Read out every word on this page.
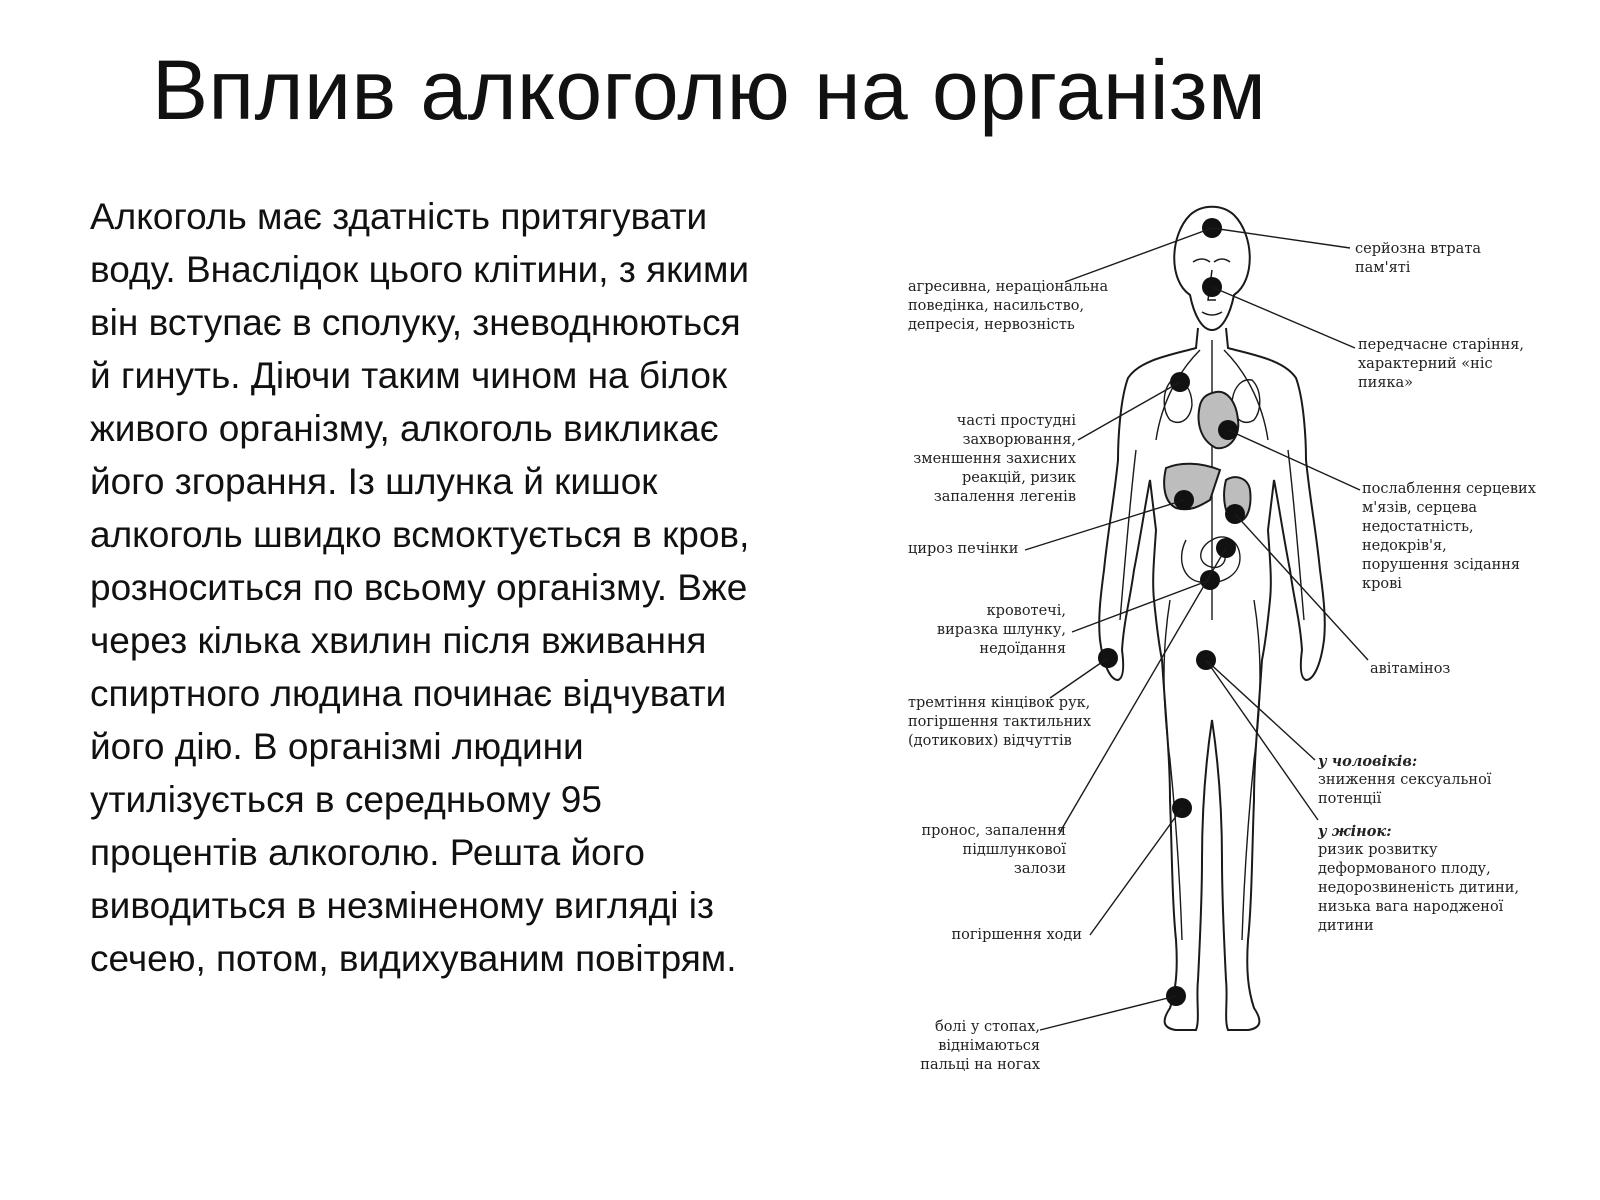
Вплив алкоголю на організм
Алкоголь має здатність притягувати
воду. Внаслідок цього клітини, з якими
він вступає в сполуку, зневоднюються
й гинуть. Діючи таким чином на білок
живого організму, алкоголь викликає
його згорання. Із шлунка й кишок
алкоголь швидко всмоктується в кров,
розноситься по всьому організму. Вже
через кілька хвилин після вживання
спиртного людина починає відчувати
його дію. В організмі людини
утилізується в середньому 95
процентів алкоголю. Решта його
виводиться в незміненому вигляді із
сечею, потом, видихуваним повітрям.
агресивна, нераціональна
поведінка, насильство,
депресія, нервозність
часті простудні
захворювання,
зменшення захисних
реакцій, ризик
запалення легенів
цироз печінки
кровотечі,
виразка шлунку,
недоїдання
тремтіння кінцівок рук,
погіршення тактильних
(дотикових) відчуттів
пронос, запалення
підшлункової
залози
погіршення ходи
болі у стопах,
віднімаються
пальці на ногах
серйозна втрата
пам'яті
передчасне старіння,
характерний «ніс
пияка»
послаблення серцевих
м'язів, серцева
недостатність,
недокрів'я,
порушення зсідання
крові
авітаміноз
у чоловіків:
зниження сексуальної
потенції
у жінок:
ризик розвитку
деформованого плоду,
недорозвиненість дитини,
низька вага народженої
дитини
